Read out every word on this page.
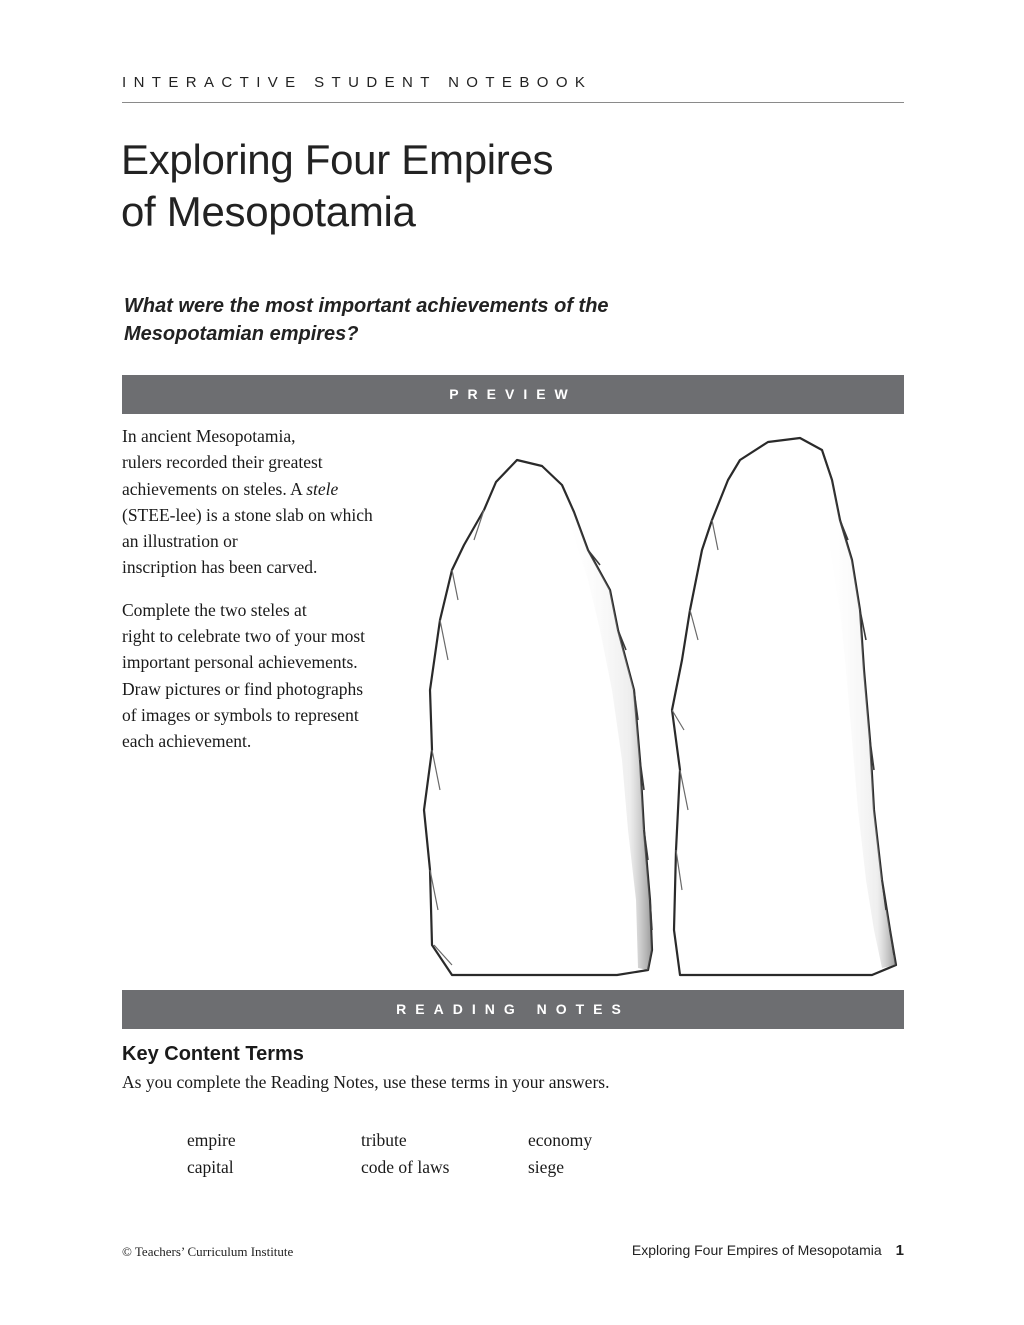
INTERACTIVE STUDENT NOTEBOOK
Exploring Four Empires
of Mesopotamia

What were the most important achievements of the
Mesopotamian empires?

PREVIEW

In ancient Mesopotamia,
rulers recorded their greatest
achievements on steles. A stele
(STEE-lee) is a stone slab on which
an illustration or
inscription has been carved.

Complete the two steles at
right to celebrate two of your most
important personal achievements.
Draw pictures or find photographs
of images or symbols to represent
each achievement.

READING NOTES
Key Content Terms

As you complete the Reading Notes, use these terms in your answers.

empire	tribute	economy
capital	code of laws	siege
© Teachers’ Curriculum Institute	Exploring Four Empires of Mesopotamia 1
